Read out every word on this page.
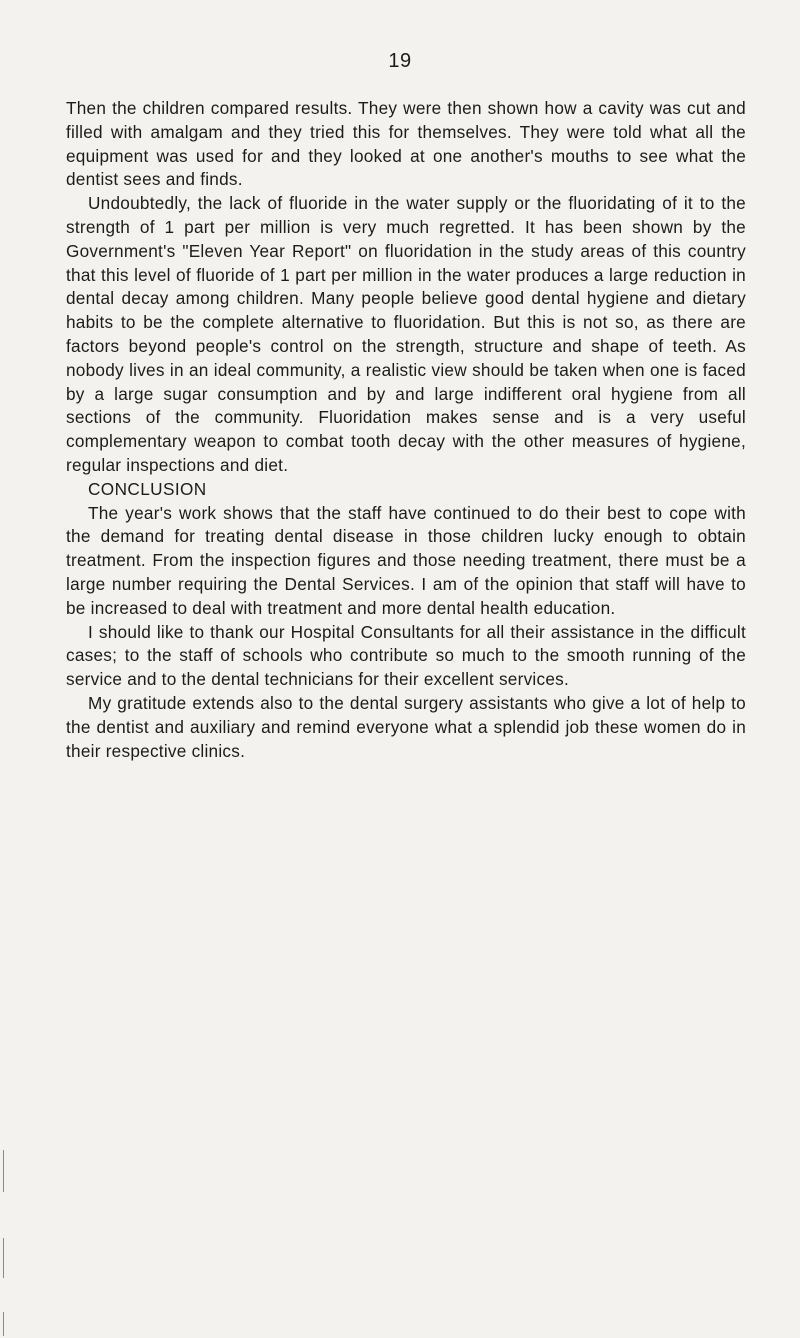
19

Then the children compared results. They were then shown how a cavity was cut and filled with amalgam and they tried this for themselves. They were told what all the equipment was used for and they looked at one another's mouths to see what the dentist sees and finds.

Undoubtedly, the lack of fluoride in the water supply or the fluoridating of it to the strength of 1 part per million is very much regretted. It has been shown by the Government's "Eleven Year Report" on fluoridation in the study areas of this country that this level of fluoride of 1 part per million in the water produces a large reduction in dental decay among children. Many people believe good dental hygiene and dietary habits to be the complete alternative to fluoridation. But this is not so, as there are factors beyond people's control on the strength, structure and shape of teeth. As nobody lives in an ideal community, a realistic view should be taken when one is faced by a large sugar consumption and by and large indifferent oral hygiene from all sections of the community. Fluoridation makes sense and is a very useful complementary weapon to combat tooth decay with the other measures of hygiene, regular inspections and diet.

CONCLUSION

The year's work shows that the staff have continued to do their best to cope with the demand for treating dental disease in those children lucky enough to obtain treatment. From the inspection figures and those needing treatment, there must be a large number requiring the Dental Services. I am of the opinion that staff will have to be increased to deal with treatment and more dental health education.

I should like to thank our Hospital Consultants for all their assistance in the difficult cases; to the staff of schools who contribute so much to the smooth running of the service and to the dental technicians for their excellent services.

My gratitude extends also to the dental surgery assistants who give a lot of help to the dentist and auxiliary and remind everyone what a splendid job these women do in their respective clinics.
